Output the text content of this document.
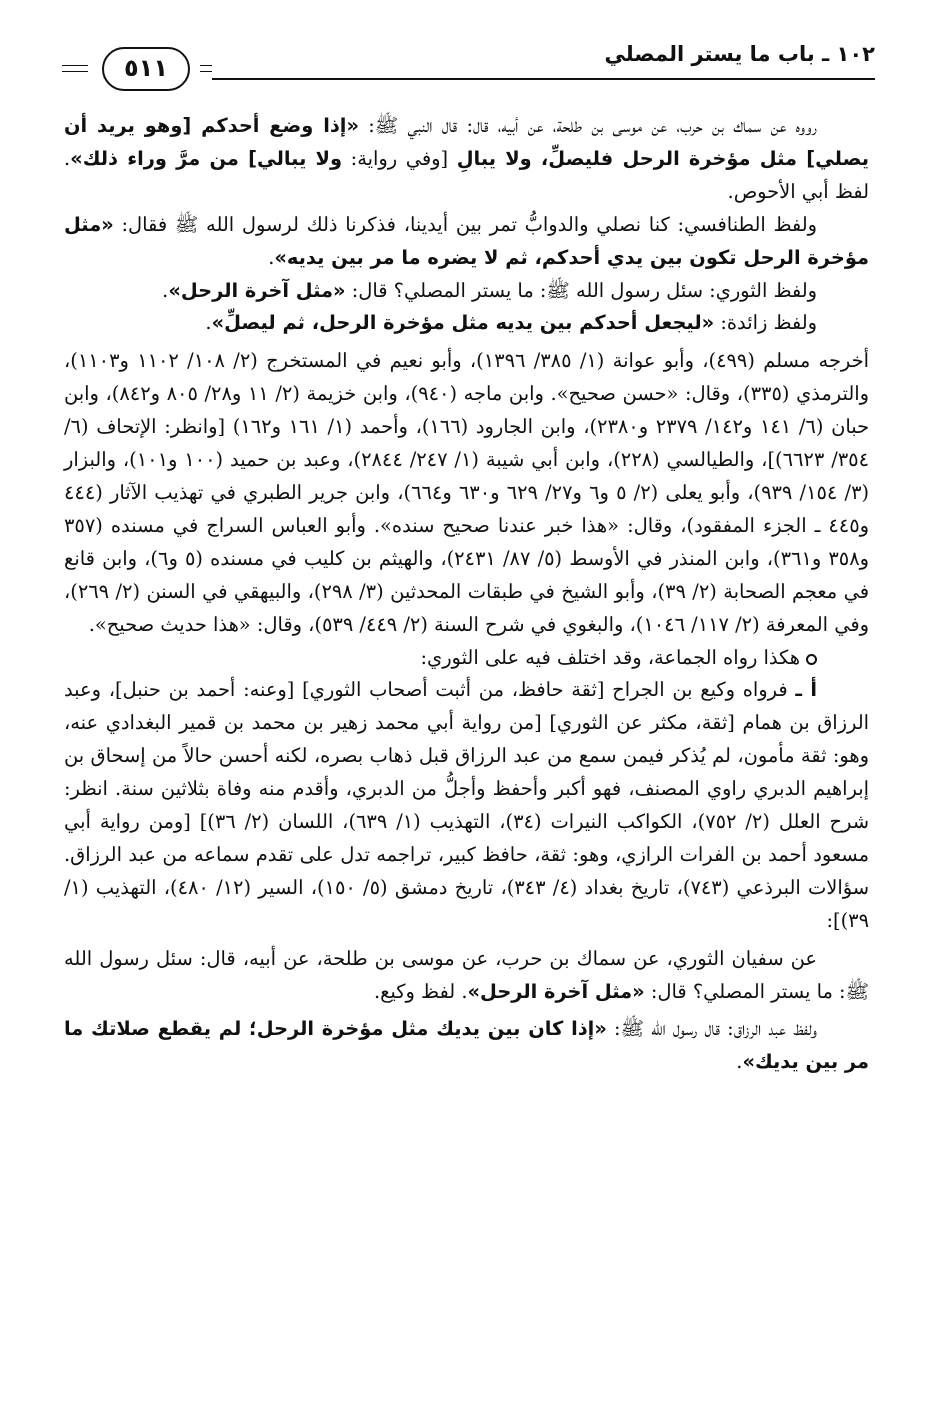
١٠٢ ـ باب ما يستر المصلي
٥١١

رووه عن سماك بن حرب، عن موسى بن طلحة، عن أبيه، قال: قال النبي ﷺ: «إذا وضع أحدكم [وهو يريد أن يصلي] مثل مؤخرة الرحل فليصلِّ، ولا يبالِ [وفي رواية: ولا يبالي] من مرَّ وراء ذلك». لفظ أبي الأحوص.

ولفظ الطنافسي: كنا نصلي والدوابُّ تمر بين أيدينا، فذكرنا ذلك لرسول الله ﷺ فقال: «مثل مؤخرة الرحل تكون بين يدي أحدكم، ثم لا يضره ما مر بين يديه».

ولفظ الثوري: سئل رسول الله ﷺ: ما يستر المصلي؟ قال: «مثل آخرة الرحل».

ولفظ زائدة: «ليجعل أحدكم بين يديه مثل مؤخرة الرحل، ثم ليصلِّ».

أخرجه مسلم (٤٩٩)، وأبو عوانة (١/ ٣٨٥/ ١٣٩٦)، وأبو نعيم في المستخرج (٢/ ١٠٨/ ١١٠٢ و١١٠٣)، والترمذي (٣٣٥)، وقال: «حسن صحيح». وابن ماجه (٩٤٠)، وابن خزيمة (٢/ ١١ و٢٨/ ٨٠٥ و٨٤٢)، وابن حبان (٦/ ١٤١ و١٤٢/ ٢٣٧٩ و٢٣٨٠)، وابن الجارود (١٦٦)، وأحمد (١/ ١٦١ و١٦٢) [وانظر: الإتحاف (٦/ ٣٥٤/ ٦٦٢٣)]، والطيالسي (٢٢٨)، وابن أبي شيبة (١/ ٢٤٧/ ٢٨٤٤)، وعبد بن حميد (١٠٠ و١٠١)، والبزار (٣/ ١٥٤/ ٩٣٩)، وأبو يعلى (٢/ ٥ و٦ و٢٧/ ٦٢٩ و٦٣٠ و٦٦٤)، وابن جرير الطبري في تهذيب الآثار (٤٤٤ و٤٤٥ ـ الجزء المفقود)، وقال: «هذا خبر عندنا صحيح سنده». وأبو العباس السراج في مسنده (٣٥٧ و٣٥٨ و٣٦١)، وابن المنذر في الأوسط (٥/ ٨٧/ ٢٤٣١)، والهيثم بن كليب في مسنده (٥ و٦)، وابن قانع في معجم الصحابة (٢/ ٣٩)، وأبو الشيخ في طبقات المحدثين (٣/ ٢٩٨)، والبيهقي في السنن (٢/ ٢٦٩)، وفي المعرفة (٢/ ١١٧/ ١٠٤٦)، والبغوي في شرح السنة (٢/ ٤٤٩/ ٥٣٩)، وقال: «هذا حديث صحيح».

هكذا رواه الجماعة، وقد اختلف فيه على الثوري:

أ ـ فرواه وكيع بن الجراح [ثقة حافظ، من أثبت أصحاب الثوري] [وعنه: أحمد بن حنبل]، وعبد الرزاق بن همام [ثقة، مكثر عن الثوري] [من رواية أبي محمد زهير بن محمد بن قمير البغدادي عنه، وهو: ثقة مأمون، لم يُذكر فيمن سمع من عبد الرزاق قبل ذهاب بصره، لكنه أحسن حالاً من إسحاق بن إبراهيم الدبري راوي المصنف، فهو أكبر وأحفظ وأجلُّ من الدبري، وأقدم منه وفاة بثلاثين سنة. انظر: شرح العلل (٢/ ٧٥٢)، الكواكب النيرات (٣٤)، التهذيب (١/ ٦٣٩)، اللسان (٢/ ٣٦)] [ومن رواية أبي مسعود أحمد بن الفرات الرازي، وهو: ثقة، حافظ كبير، تراجمه تدل على تقدم سماعه من عبد الرزاق. سؤالات البرذعي (٧٤٣)، تاريخ بغداد (٤/ ٣٤٣)، تاريخ دمشق (٥/ ١٥٠)، السير (١٢/ ٤٨٠)، التهذيب (١/ ٣٩)]:

عن سفيان الثوري، عن سماك بن حرب، عن موسى بن طلحة، عن أبيه، قال: سئل رسول الله ﷺ: ما يستر المصلي؟ قال: «مثل آخرة الرحل». لفظ وكيع.

ولفظ عبد الرزاق: قال رسول الله ﷺ: «إذا كان بين يديك مثل مؤخرة الرحل؛ لم يقطع صلاتك ما مر بين يديك».
